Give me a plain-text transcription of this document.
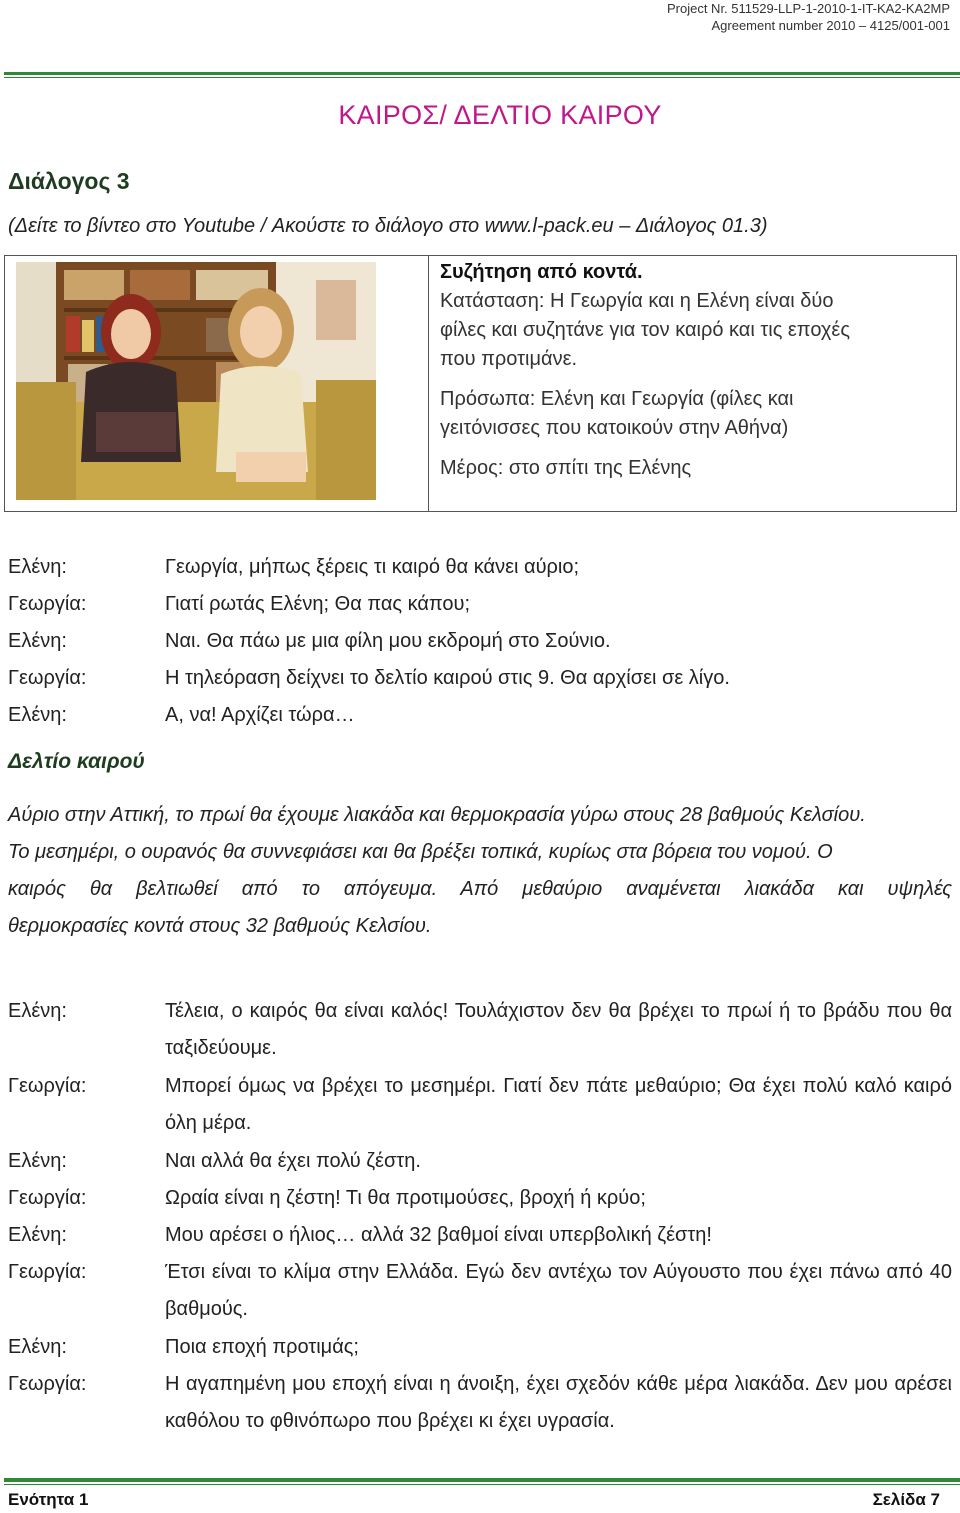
Project Nr. 511529-LLP-1-2010-1-IT-KA2-KA2MP
Agreement number 2010 – 4125/001-001
ΚΑΙΡΟΣ/ ΔΕΛΤΙΟ ΚΑΙΡΟΥ
Διάλογος 3
(Δείτε το βίντεο στο Youtube / Ακούστε το διάλογο στο www.l-pack.eu – Διάλογος 01.3)
Συζήτηση από κοντά.
Κατάσταση: Η Γεωργία και η Ελένη είναι δύο
φίλες και συζητάνε για τον καιρό και τις εποχές
που προτιμάνε.
Πρόσωπα: Ελένη και Γεωργία (φίλες και
γειτόνισσες που κατοικούν στην Αθήνα)
Μέρος: στο σπίτι της Ελένης
Ελένη:	Γεωργία, μήπως ξέρεις τι καιρό θα κάνει αύριο;
Γεωργία:	Γιατί ρωτάς Ελένη; Θα πας κάπου;
Ελένη:	Ναι. Θα πάω με μια φίλη μου εκδρομή στο Σούνιο.
Γεωργία:	Η τηλεόραση δείχνει το δελτίο καιρού στις 9. Θα αρχίσει σε λίγο.
Ελένη:	Α, να! Αρχίζει τώρα…
Δελτίο καιρού
Αύριο στην Αττική, το πρωί θα έχουμε λιακάδα και θερμοκρασία γύρω στους 28 βαθμούς Κελσίου.
Το μεσημέρι, ο ουρανός θα συννεφιάσει και θα βρέξει τοπικά, κυρίως στα βόρεια του νομού. Ο
καιρός θα βελτιωθεί από το απόγευμα. Από μεθαύριο αναμένεται λιακάδα και υψηλές
θερμοκρασίες κοντά στους 32 βαθμούς Κελσίου.
Ελένη:	Τέλεια, ο καιρός θα είναι καλός! Τουλάχιστον δεν θα βρέχει το πρωί ή το βράδυ που θα ταξιδεύουμε.
Γεωργία:	Μπορεί όμως να βρέχει το μεσημέρι. Γιατί δεν πάτε μεθαύριο; Θα έχει πολύ καλό καιρό όλη μέρα.
Ελένη:	Ναι αλλά θα έχει πολύ ζέστη.
Γεωργία:	Ωραία είναι η ζέστη! Τι θα προτιμούσες, βροχή ή κρύο;
Ελένη:	Μου αρέσει ο ήλιος… αλλά 32 βαθμοί είναι υπερβολική ζέστη!
Γεωργία:	Έτσι είναι το κλίμα στην Ελλάδα. Εγώ δεν αντέχω τον Αύγουστο που έχει πάνω από 40 βαθμούς.
Ελένη:	Ποια εποχή προτιμάς;
Γεωργία:	Η αγαπημένη μου εποχή είναι η άνοιξη, έχει σχεδόν κάθε μέρα λιακάδα. Δεν μου αρέσει καθόλου το φθινόπωρο που βρέχει κι έχει υγρασία.
Ενότητα 1	Σελίδα 7
